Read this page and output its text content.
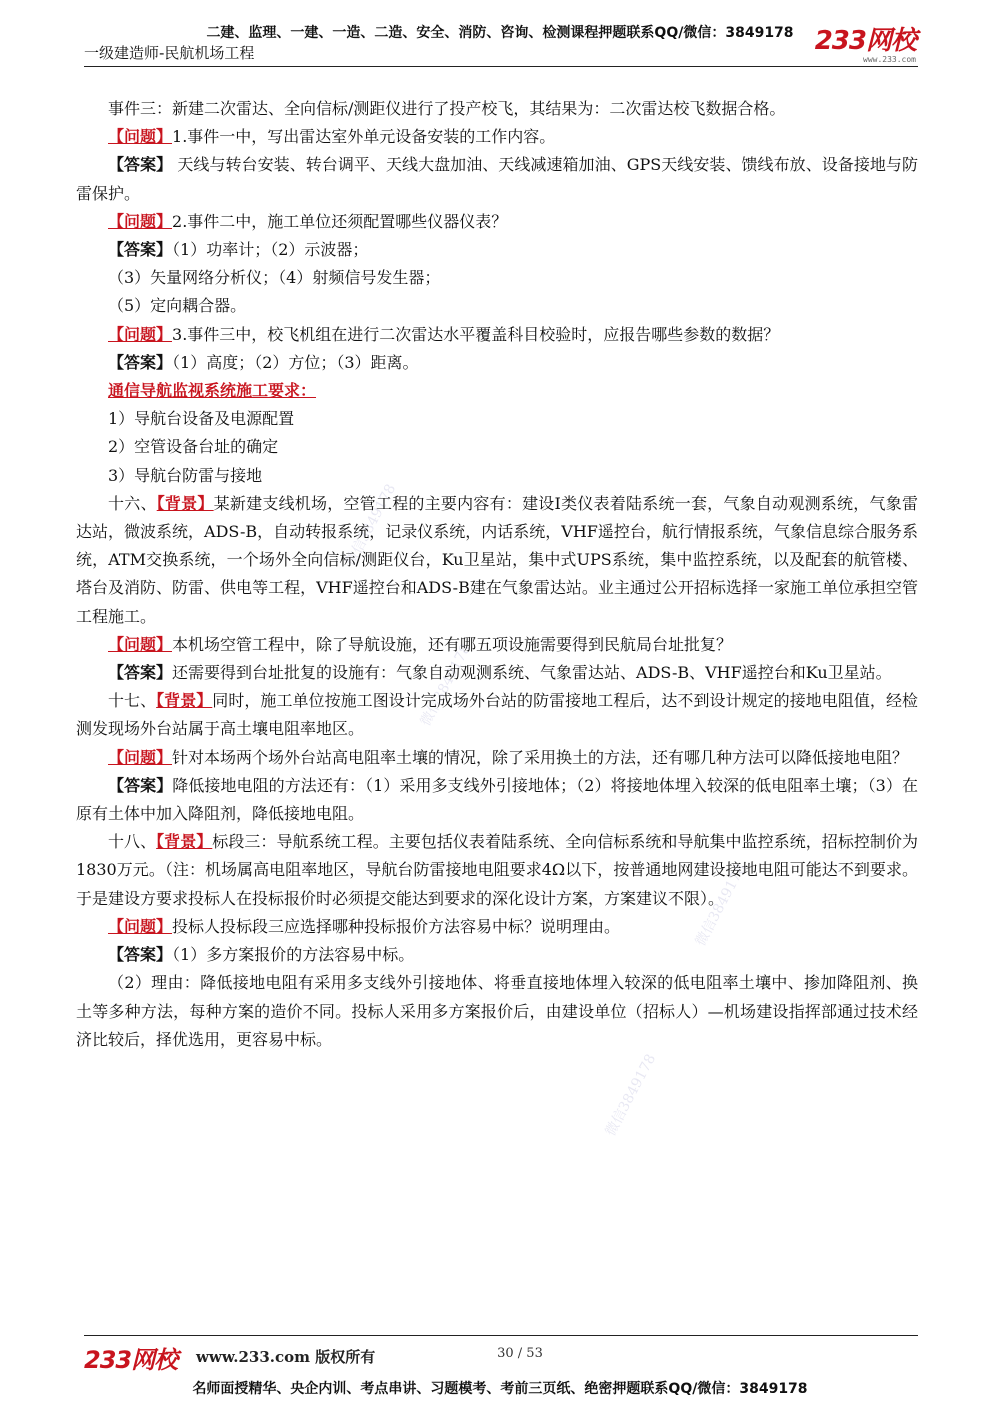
二建、监理、一建、一造、二造、安全、消防、咨询、检测课程押题联系QQ/微信：3849178
一级建造师-民航机场工程	233网校
www.233.com
微信3849178
微信3849178
微信3849178
微信3849178

事件三：新建二次雷达、全向信标/测距仪进行了投产校飞，其结果为：二次雷达校飞数据合格。

【问题】1.事件一中，写出雷达室外单元设备安装的工作内容。

【答案】 天线与转台安装、转台调平、天线大盘加油、天线减速箱加油、GPS天线安装、馈线布放、设备接地与防雷保护。

【问题】2.事件二中，施工单位还须配置哪些仪器仪表？

【答案】（1）功率计；（2）示波器；

（3）矢量网络分析仪；（4）射频信号发生器；

（5）定向耦合器。

【问题】3.事件三中，校飞机组在进行二次雷达水平覆盖科目校验时，应报告哪些参数的数据？

【答案】（1）高度；（2）方位；（3）距离。

通信导航监视系统施工要求：

1）导航台设备及电源配置

2）空管设备台址的确定

3）导航台防雷与接地

十六、【背景】某新建支线机场，空管工程的主要内容有：建设I类仪表着陆系统一套，气象自动观测系统，气象雷达站，微波系统，ADS-B，自动转报系统，记录仪系统，内话系统，VHF遥控台，航行情报系统，气象信息综合服务系统，ATM交换系统，一个场外全向信标/测距仪台，Ku卫星站，集中式UPS系统，集中监控系统，以及配套的航管楼、塔台及消防、防雷、供电等工程，VHF遥控台和ADS-B建在气象雷达站。业主通过公开招标选择一家施工单位承担空管工程施工。

【问题】本机场空管工程中，除了导航设施，还有哪五项设施需要得到民航局台址批复？

【答案】还需要得到台址批复的设施有：气象自动观测系统、气象雷达站、ADS-B、VHF遥控台和Ku卫星站。

十七、【背景】同时，施工单位按施工图设计完成场外台站的防雷接地工程后，达不到设计规定的接地电阻值，经检测发现场外台站属于高土壤电阻率地区。

【问题】针对本场两个场外台站高电阻率土壤的情况，除了采用换土的方法，还有哪几种方法可以降低接地电阻？

【答案】降低接地电阻的方法还有：（1）采用多支线外引接地体；（2）将接地体埋入较深的低电阻率土壤；（3）在原有土体中加入降阻剂，降低接地电阻。

十八、【背景】标段三：导航系统工程。主要包括仪表着陆系统、全向信标系统和导航集中监控系统，招标控制价为1830万元。（注：机场属高电阻率地区，导航台防雷接地电阻要求4Ω以下，按普通地网建设接地电阻可能达不到要求。于是建设方要求投标人在投标报价时必须提交能达到要求的深化设计方案，方案建议不限）。

【问题】投标人投标段三应选择哪种投标报价方法容易中标？说明理由。

【答案】（1）多方案报价的方法容易中标。

（2）理由：降低接地电阻有采用多支线外引接地体、将垂直接地体埋入较深的低电阻率土壤中、掺加降阻剂、换土等多种方法，每种方案的造价不同。投标人采用多方案报价后，由建设单位（招标人）—机场建设指挥部通过技术经济比较后，择优选用，更容易中标。

233网校 www.233.com 版权所有	30 / 53
名师面授精华、央企内训、考点串讲、习题模考、考前三页纸、绝密押题联系QQ/微信：3849178
